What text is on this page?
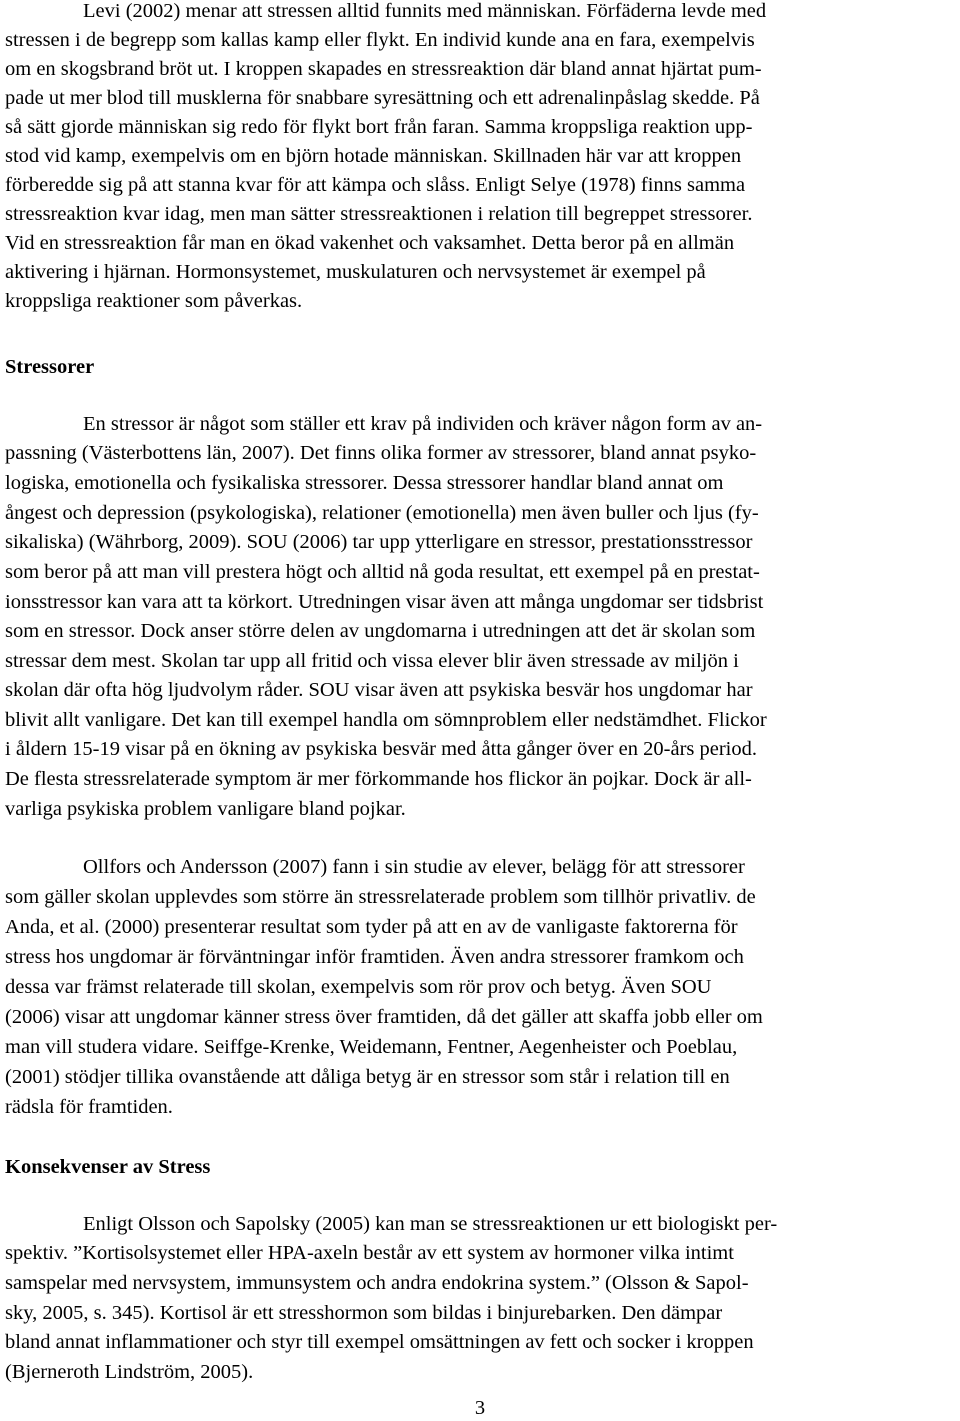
Levi (2002) menar att stressen alltid funnits med människan. Förfäderna levde med
stressen i de begrepp som kallas kamp eller flykt. En individ kunde ana en fara, exempelvis
om en skogsbrand bröt ut. I kroppen skapades en stressreaktion där bland annat hjärtat pum-
pade ut mer blod till musklerna för snabbare syresättning och ett adrenalinpåslag skedde. På
så sätt gjorde människan sig redo för flykt bort från faran. Samma kroppsliga reaktion upp-
stod vid kamp, exempelvis om en björn hotade människan. Skillnaden här var att kroppen
förberedde sig på att stanna kvar för att kämpa och slåss. Enligt Selye (1978) finns samma
stressreaktion kvar idag, men man sätter stressreaktionen i relation till begreppet stressorer.
Vid en stressreaktion får man en ökad vakenhet och vaksamhet. Detta beror på en allmän
aktivering i hjärnan. Hormonsystemet, muskulaturen och nervsystemet är exempel på
kroppsliga reaktioner som påverkas.
Stressorer
En stressor är något som ställer ett krav på individen och kräver någon form av an-
passning (Västerbottens län, 2007). Det finns olika former av stressorer, bland annat psyko-
logiska, emotionella och fysikaliska stressorer. Dessa stressorer handlar bland annat om
ångest och depression (psykologiska), relationer (emotionella) men även buller och ljus (fy-
sikaliska) (Währborg, 2009). SOU (2006) tar upp ytterligare en stressor, prestationsstressor
som beror på att man vill prestera högt och alltid nå goda resultat, ett exempel på en prestat-
ionsstressor kan vara att ta körkort. Utredningen visar även att många ungdomar ser tidsbrist
som en stressor. Dock anser större delen av ungdomarna i utredningen att det är skolan som
stressar dem mest. Skolan tar upp all fritid och vissa elever blir även stressade av miljön i
skolan där ofta hög ljudvolym råder. SOU visar även att psykiska besvär hos ungdomar har
blivit allt vanligare. Det kan till exempel handla om sömnproblem eller nedstämdhet. Flickor
i åldern 15-19 visar på en ökning av psykiska besvär med åtta gånger över en 20-års period.
De flesta stressrelaterade symptom är mer förkommande hos flickor än pojkar. Dock är all-
varliga psykiska problem vanligare bland pojkar.
Ollfors och Andersson (2007) fann i sin studie av elever, belägg för att stressorer
som gäller skolan upplevdes som större än stressrelaterade problem som tillhör privatliv. de
Anda, et al. (2000) presenterar resultat som tyder på att en av de vanligaste faktorerna för
stress hos ungdomar är förväntningar inför framtiden. Även andra stressorer framkom och
dessa var främst relaterade till skolan, exempelvis som rör prov och betyg. Även SOU
(2006) visar att ungdomar känner stress över framtiden, då det gäller att skaffa jobb eller om
man vill studera vidare. Seiffge-Krenke, Weidemann, Fentner, Aegenheister och Poeblau,
(2001) stödjer tillika ovanstående att dåliga betyg är en stressor som står i relation till en
rädsla för framtiden.
Konsekvenser av Stress
Enligt Olsson och Sapolsky (2005) kan man se stressreaktionen ur ett biologiskt per-
spektiv. ”Kortisolsystemet eller HPA-axeln består av ett system av hormoner vilka intimt
samspelar med nervsystem, immunsystem och andra endokrina system.” (Olsson & Sapol-
sky, 2005, s. 345). Kortisol är ett stresshormon som bildas i binjurebarken. Den dämpar
bland annat inflammationer och styr till exempel omsättningen av fett och socker i kroppen
(Bjerneroth Lindström, 2005).
3
